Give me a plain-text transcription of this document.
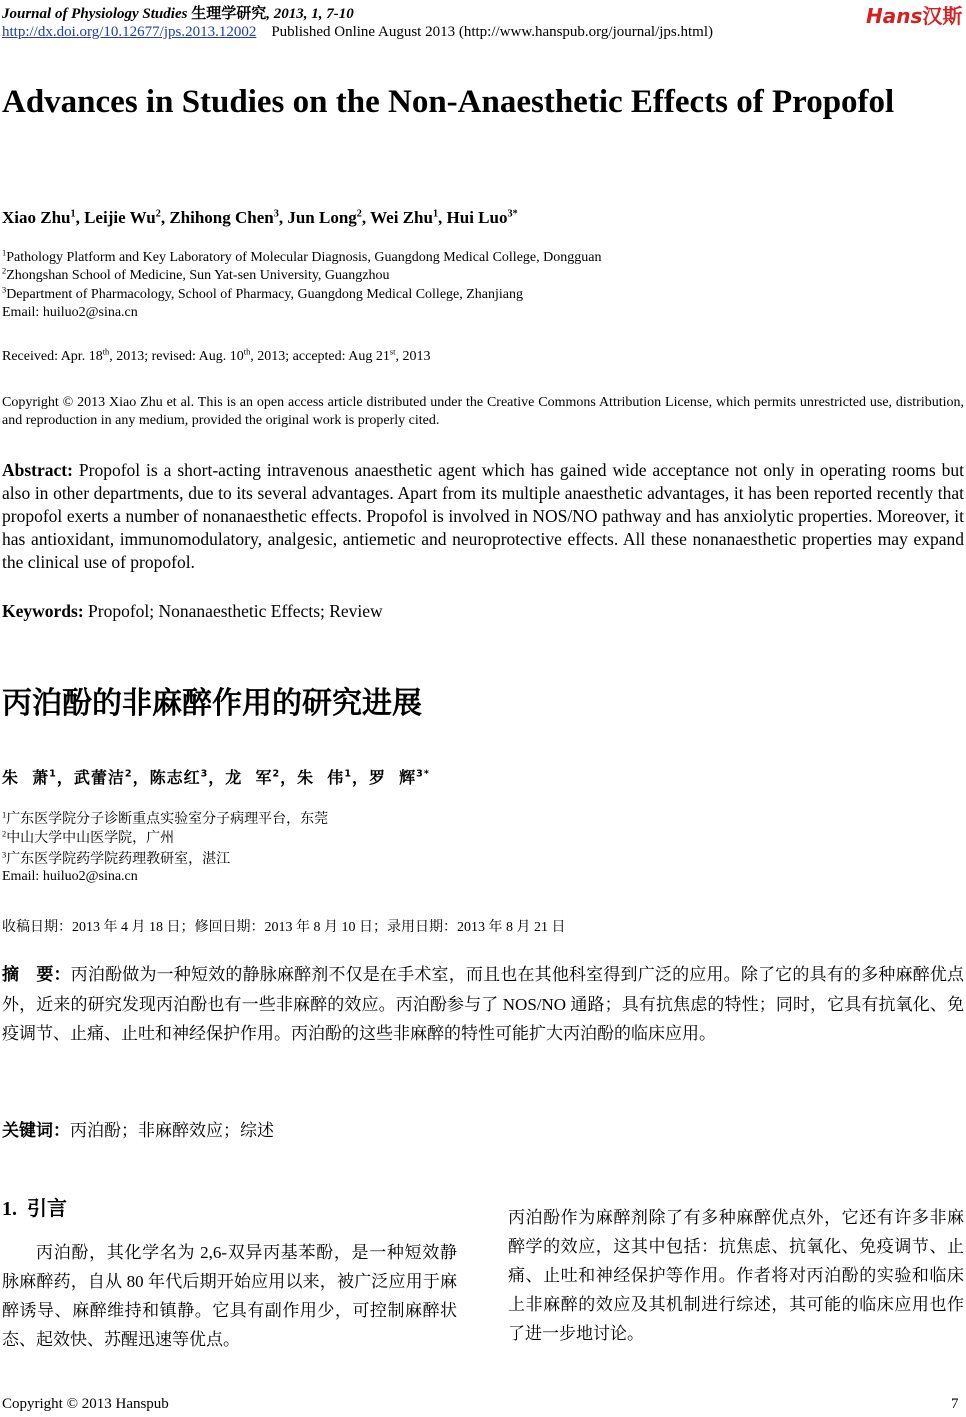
Journal of Physiology Studies 生理学研究, 2013, 1, 7-10
http://dx.doi.org/10.12677/jps.2013.12002 Published Online August 2013 (http://www.hanspub.org/journal/jps.html)
Hans汉斯
Advances in Studies on the Non-Anaesthetic Effects of Propofol
Xiao Zhu$^1$, Leijie Wu$^2$, Zhihong Chen$^3$, Jun Long$^2$, Wei Zhu$^1$, Hui Luo$^{3*}$
$^1$Pathology Platform and Key Laboratory of Molecular Diagnosis, Guangdong Medical College, Dongguan
$^2$Zhongshan School of Medicine, Sun Yat-sen University, Guangzhou
$^3$Department of Pharmacology, School of Pharmacy, Guangdong Medical College, Zhanjiang
Email: huiluo2@sina.cn
Received: Apr. 18th, 2013; revised: Aug. 10th, 2013; accepted: Aug 21st, 2013
Copyright © 2013 Xiao Zhu et al. This is an open access article distributed under the Creative Commons Attribution License, which permits unrestricted use, distribution, and reproduction in any medium, provided the original work is properly cited.
Abstract: Propofol is a short-acting intravenous anaesthetic agent which has gained wide acceptance not only in operating rooms but also in other departments, due to its several advantages. Apart from its multiple anaesthetic advantages, it has been reported recently that propofol exerts a number of nonanaesthetic effects. Propofol is involved in NOS/NO pathway and has anxiolytic properties. Moreover, it has antioxidant, immunomodulatory, analgesic, antiemetic and neuroprotective effects. All these nonanaesthetic properties may expand the clinical use of propofol.
Keywords: Propofol; Nonanaesthetic Effects; Review
丙泊酚的非麻醉作用的研究进展
朱  萧$^1$，武蕾洁$^2$，陈志红$^3$，龙  军$^2$，朱  伟$^1$，罗  辉$^{3*}$
$^1$广东医学院分子诊断重点实验室分子病理平台，东莞
$^2$中山大学中山医学院，广州
$^3$广东医学院药学院药理教研室，湛江
Email: huiluo2@sina.cn
收稿日期：2013 年 4 月 18 日；修回日期：2013 年 8 月 10 日；录用日期：2013 年 8 月 21 日
摘　要：丙泊酚做为一种短效的静脉麻醉剂不仅是在手术室，而且也在其他科室得到广泛的应用。除了它的具有的多种麻醉优点外，近来的研究发现丙泊酚也有一些非麻醉的效应。丙泊酚参与了 NOS/NO 通路；具有抗焦虑的特性；同时，它具有抗氧化、免疫调节、止痛、止吐和神经保护作用。丙泊酚的这些非麻醉的特性可能扩大丙泊酚的临床应用。
关键词：丙泊酚；非麻醉效应；综述
1. 引言
丙泊酚，其化学名为 2,6-双异丙基苯酚，是一种短效静脉麻醉药，自从 80 年代后期开始应用以来，被广泛应用于麻醉诱导、麻醉维持和镇静。它具有副作用少，可控制麻醉状态、起效快、苏醒迅速等优点。
丙泊酚作为麻醉剂除了有多种麻醉优点外，它还有许多非麻醉学的效应，这其中包括：抗焦虑、抗氧化、免疫调节、止痛、止吐和神经保护等作用。作者将对丙泊酚的实验和临床上非麻醉的效应及其机制进行综述，其可能的临床应用也作了进一步地讨论。
Copyright © 2013 Hanspub	7
